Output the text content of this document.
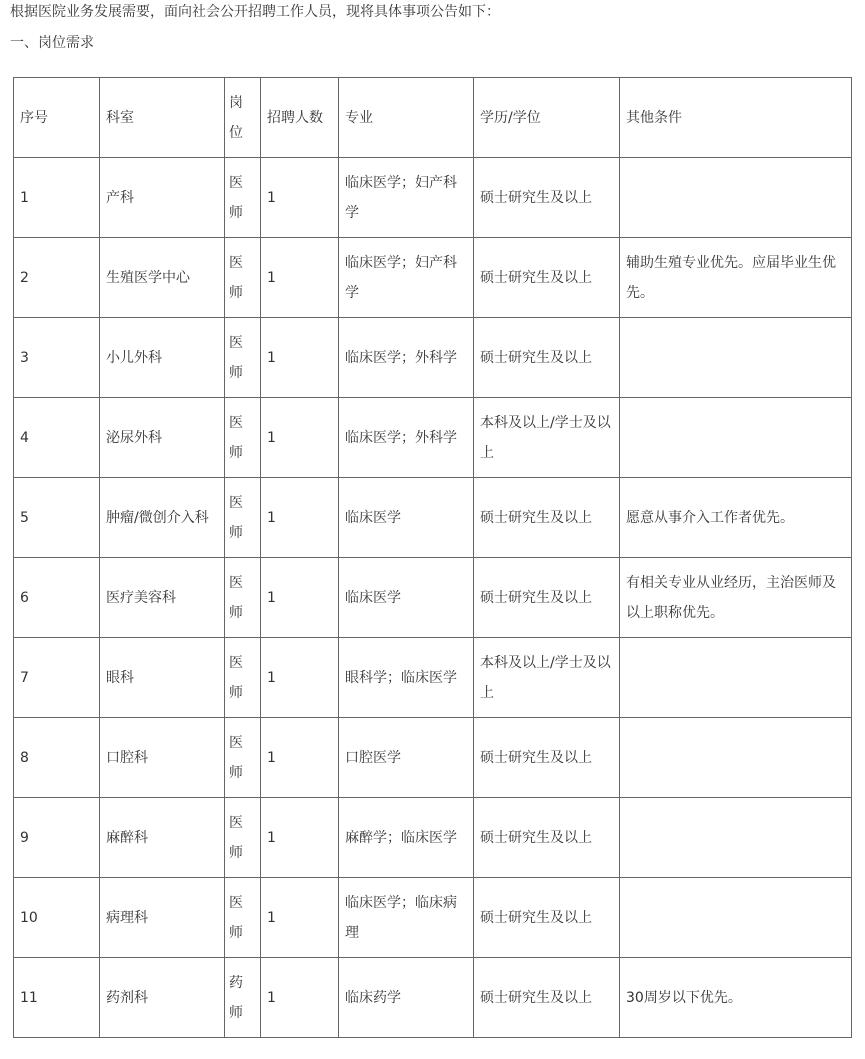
根据医院业务发展需要，面向社会公开招聘工作人员，现将具体事项公告如下：
一、岗位需求
序号	科室	岗位	招聘人数	专业	学历/学位	其他条件
1	产科	医师	1	临床医学；妇产科学	硕士研究生及以上	
2	生殖医学中心	医师	1	临床医学；妇产科学	硕士研究生及以上	辅助生殖专业优先。应届毕业生优先。
3	小儿外科	医师	1	临床医学；外科学	硕士研究生及以上	
4	泌尿外科	医师	1	临床医学；外科学	本科及以上/学士及以上	
5	肿瘤/微创介入科	医师	1	临床医学	硕士研究生及以上	愿意从事介入工作者优先。
6	医疗美容科	医师	1	临床医学	硕士研究生及以上	有相关专业从业经历，主治医师及以上职称优先。
7	眼科	医师	1	眼科学；临床医学	本科及以上/学士及以上	
8	口腔科	医师	1	口腔医学	硕士研究生及以上	
9	麻醉科	医师	1	麻醉学；临床医学	硕士研究生及以上	
10	病理科	医师	1	临床医学；临床病理	硕士研究生及以上	
11	药剂科	药师	1	临床药学	硕士研究生及以上	30周岁以下优先。
